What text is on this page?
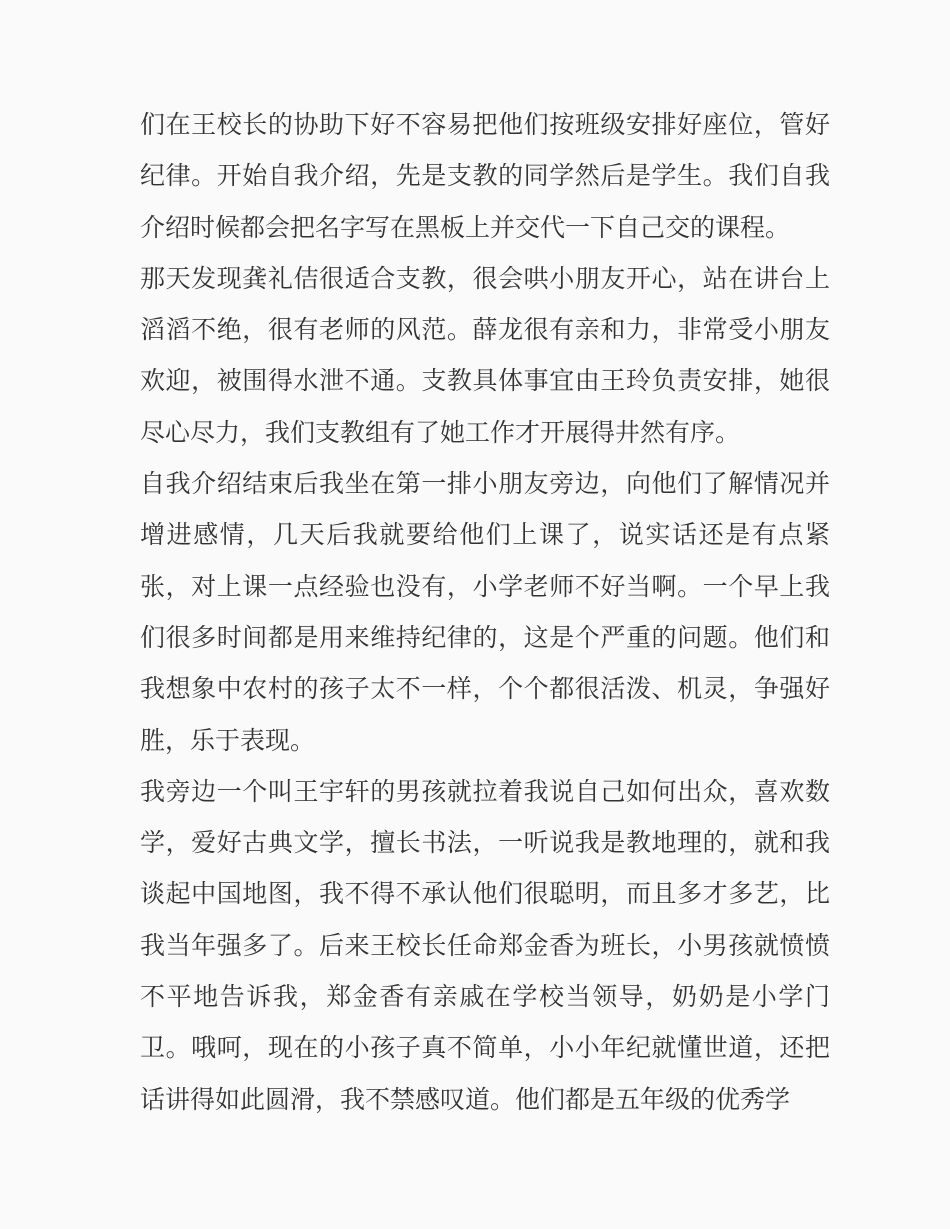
们在王校长的协助下好不容易把他们按班级安排好座位，管好

纪律。开始自我介绍，先是支教的同学然后是学生。我们自我

介绍时候都会把名字写在黑板上并交代一下自己交的课程。

那天发现龚礼佶很适合支教，很会哄小朋友开心，站在讲台上

滔滔不绝，很有老师的风范。薛龙很有亲和力，非常受小朋友

欢迎，被围得水泄不通。支教具体事宜由王玲负责安排，她很

尽心尽力，我们支教组有了她工作才开展得井然有序。

自我介绍结束后我坐在第一排小朋友旁边，向他们了解情况并

增进感情，几天后我就要给他们上课了，说实话还是有点紧

张，对上课一点经验也没有，小学老师不好当啊。一个早上我

们很多时间都是用来维持纪律的，这是个严重的问题。他们和

我想象中农村的孩子太不一样，个个都很活泼、机灵，争强好

胜，乐于表现。

我旁边一个叫王宇轩的男孩就拉着我说自己如何出众，喜欢数

学，爱好古典文学，擅长书法，一听说我是教地理的，就和我

谈起中国地图，我不得不承认他们很聪明，而且多才多艺，比

我当年强多了。后来王校长任命郑金香为班长，小男孩就愤愤

不平地告诉我，郑金香有亲戚在学校当领导，奶奶是小学门

卫。哦呵，现在的小孩子真不简单，小小年纪就懂世道，还把

话讲得如此圆滑，我不禁感叹道。他们都是五年级的优秀学
